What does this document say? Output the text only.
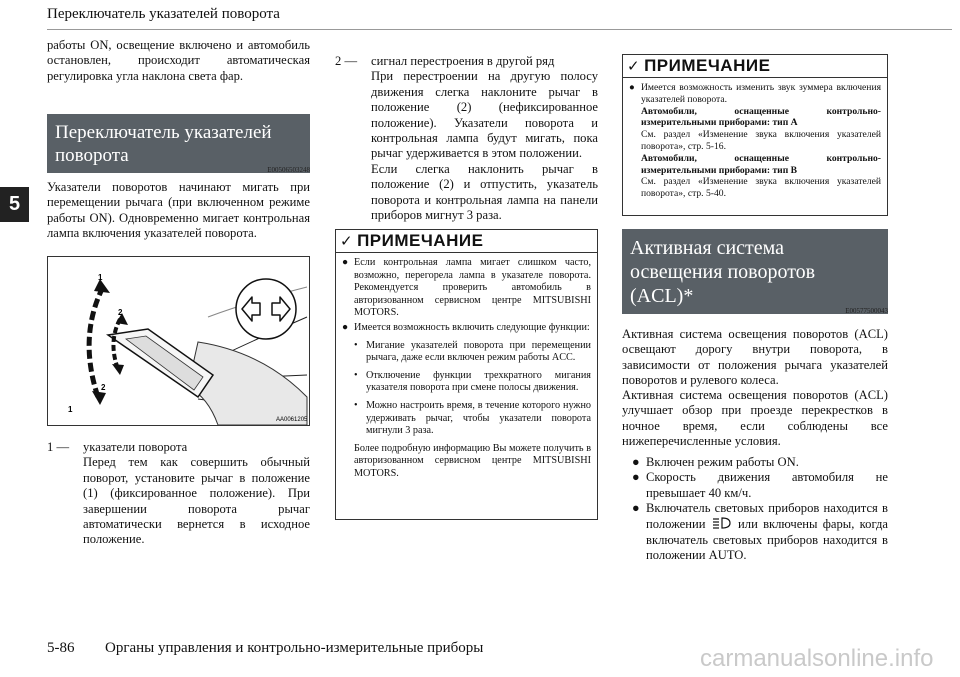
Переключатель указателей поворота
5
работы ON, освещение включено и автомобиль остановлен, происходит автоматическая регулировка угла наклона света фар.
Переключатель указателей
поворота
E00506503248
Указатели поворотов начинают мигать при перемещении рычага (при включенном режиме работы ON). Одновременно мигает контрольная лампа включения указателей поворота.
1
2
2
1
AA0061205
1 —	указатели поворота
Перед тем как совершить обычный поворот, установите рычаг в положение (1) (фиксированное положение). При завершении поворота рычаг автоматически вернется в исходное положение.
2 —	сигнал перестроения в другой ряд
При перестроении на другую полосу движения слегка наклоните рычаг в положение (2) (нефиксированное положение). Указатели поворота и контрольная лампа будут мигать, пока рычаг удерживается в этом положении.
Если слегка наклонить рычаг в положение (2) и отпустить, указатель поворота и контрольная лампа на панели приборов мигнут 3 раза.
✓ ПРИМЕЧАНИЕ
● Если контрольная лампа мигает слишком часто, возможно, перегорела лампа в указателе поворота. Рекомендуется проверить автомобиль в авторизованном сервисном центре MITSUBISHI MOTORS.
● Имеется возможность включить следующие функции:
• Мигание указателей поворота при перемещении рычага, даже если включен режим работы ACC.
• Отключение функции трехкратного мигания указателя поворота при смене полосы движения.
• Можно настроить время, в течение которого нужно удерживать рычаг, чтобы указатели поворота мигнули 3 раза.
Более подробную информацию Вы можете получить в авторизованном сервисном центре MITSUBISHI MOTORS.
✓ ПРИМЕЧАНИЕ
● Имеется возможность изменить звук зуммера включения указателей поворота.
Автомобили, оснащенные контрольно-измерительными приборами: тип A
См. раздел «Изменение звука включения указателей поворота», стр. 5-16.
Автомобили, оснащенные контрольно-измерительными приборами: тип B
См. раздел «Изменение звука включения указателей поворота», стр. 5-40.
Активная система
освещения поворотов
(ACL)*
E00577500043
Активная система освещения поворотов (ACL) освещают дорогу внутри поворота, в зависимости от положения рычага указателей поворотов и рулевого колеса.
Активная система освещения поворотов (ACL) улучшает обзор при проезде перекрестков в ночное время, если соблюдены все нижеперечисленные условия.
● Включен режим работы ON.
● Скорость движения автомобиля не превышает 40 км/ч.
● Включатель световых приборов находится в положении	или включены фары, когда включатель световых приборов находится в положении AUTO.
5-86 Органы управления и контрольно-измерительные приборы	carmanualsonline.info
